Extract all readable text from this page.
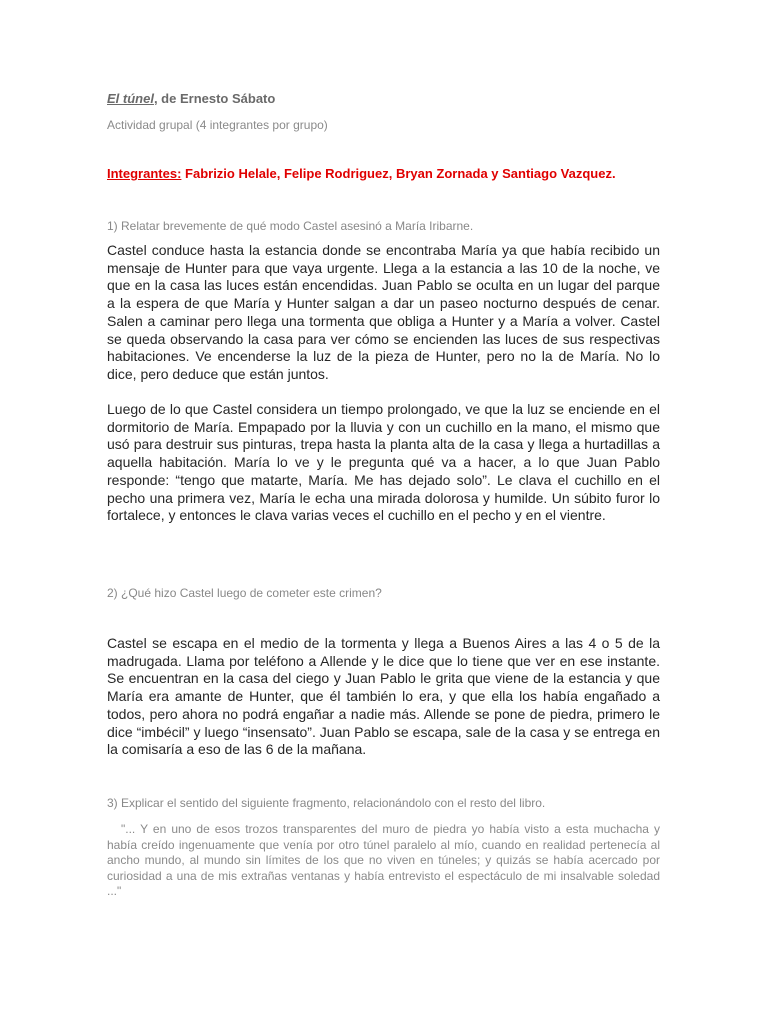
El túnel, de Ernesto Sábato

Actividad grupal (4 integrantes por grupo)

Integrantes: Fabrizio Helale, Felipe Rodriguez, Bryan Zornada y Santiago Vazquez.

1) Relatar brevemente de qué modo Castel asesinó a María Iribarne.

Castel conduce hasta la estancia donde se encontraba María ya que había recibido un mensaje de Hunter para que vaya urgente. Llega a la estancia a las 10 de la noche, ve que en la casa las luces están encendidas. Juan Pablo se oculta en un lugar del parque a la espera de que María y Hunter salgan a dar un paseo nocturno después de cenar. Salen a caminar pero llega una tormenta que obliga a Hunter y a María a volver. Castel se queda observando la casa para ver cómo se encienden las luces de sus respectivas habitaciones. Ve encenderse la luz de la pieza de Hunter, pero no la de María. No lo dice, pero deduce que están juntos.

Luego de lo que Castel considera un tiempo prolongado, ve que la luz se enciende en el dormitorio de María. Empapado por la lluvia y con un cuchillo en la mano, el mismo que usó para destruir sus pinturas, trepa hasta la planta alta de la casa y llega a hurtadillas a aquella habitación. María lo ve y le pregunta qué va a hacer, a lo que Juan Pablo responde: “tengo que matarte, María. Me has dejado solo”. Le clava el cuchillo en el pecho una primera vez, María le echa una mirada dolorosa y humilde. Un súbito furor lo fortalece, y entonces le clava varias veces el cuchillo en el pecho y en el vientre.

2) ¿Qué hizo Castel luego de cometer este crimen?

Castel se escapa en el medio de la tormenta y llega a Buenos Aires a las 4 o 5 de la madrugada. Llama por teléfono a Allende y le dice que lo tiene que ver en ese instante. Se encuentran en la casa del ciego y Juan Pablo le grita que viene de la estancia y que María era amante de Hunter, que él también lo era, y que ella los había engañado a todos, pero ahora no podrá engañar a nadie más. Allende se pone de piedra, primero le dice “imbécil” y luego “insensato”. Juan Pablo se escapa, sale de la casa y se entrega en la comisaría a eso de las 6 de la mañana.

3) Explicar el sentido del siguiente fragmento, relacionándolo con el resto del libro.

"... Y en uno de esos trozos transparentes del muro de piedra yo había visto a esta muchacha y había creído ingenuamente que venía por otro túnel paralelo al mío, cuando en realidad pertenecía al ancho mundo, al mundo sin límites de los que no viven en túneles; y quizás se había acercado por curiosidad a una de mis extrañas ventanas y había entrevisto el espectáculo de mi insalvable soledad ..."
